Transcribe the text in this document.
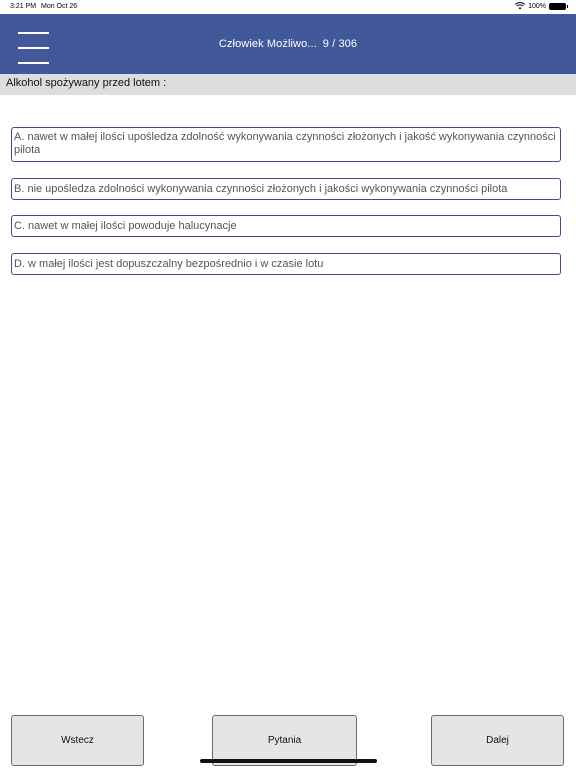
3:21 PM Mon Oct 26	100%
Człowiek Możliwo... 9 / 306
Alkohol spożywany przed lotem :
A. nawet w małej ilości upośledza zdolność wykonywania czynności złożonych i jakość wykonywania czynności pilota
B. nie upośledza zdolności wykonywania czynności złożonych i jakości wykonywania czynności pilota
C. nawet w małej ilości powoduje halucynacje
D. w małej ilości jest dopuszczalny bezpośrednio i w czasie lotu
Wstecz	Pytania	Dalej
